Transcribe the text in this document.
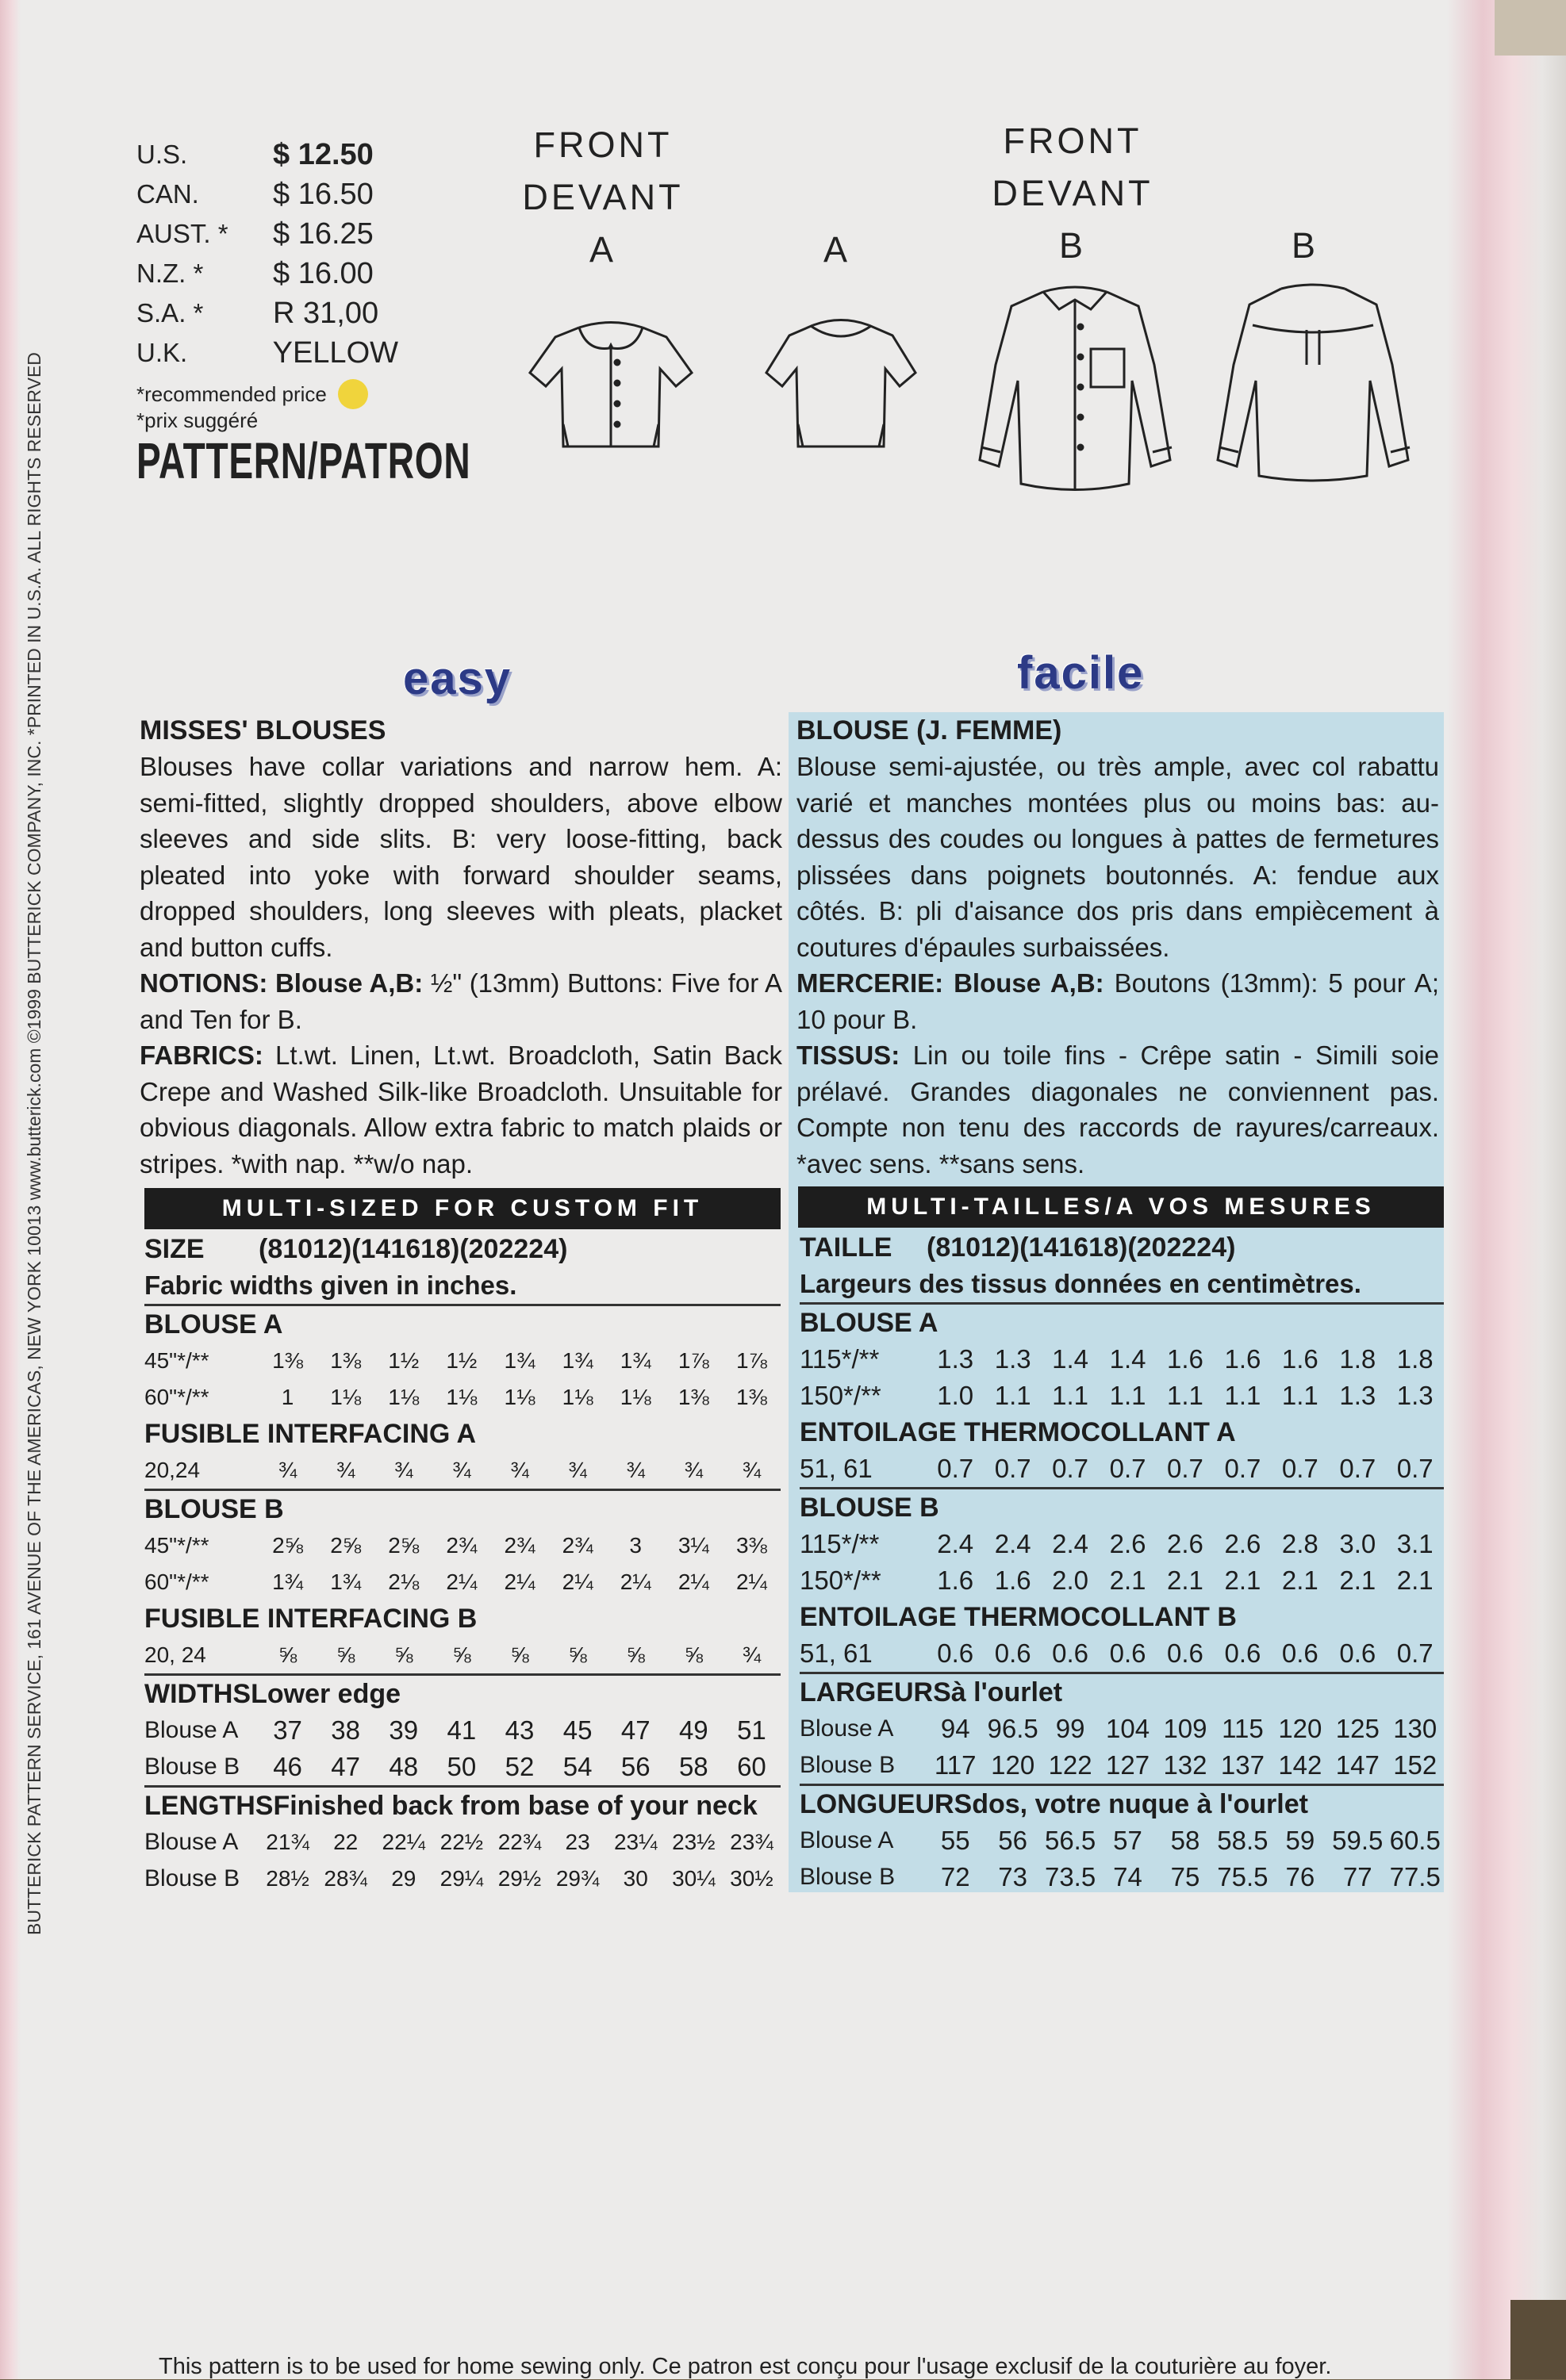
BUTTERICK PATTERN SERVICE, 161 AVENUE OF THE AMERICAS, NEW YORK 10013 www.butterick.com ©1999 BUTTERICK COMPANY, INC. *PRINTED IN U.S.A. ALL RIGHTS RESERVED
U.S.	$ 12.50
CAN.	$ 16.50
AUST. *	$ 16.25
N.Z. *	$ 16.00
S.A. *	R 31,00
U.K.	YELLOW
*recommended price
*prix suggéré
PATTERN/PATRON
FRONT
DEVANT
A

	A
FRONT
DEVANT
B

	B
easy	facile
MISSES' BLOUSES
Blouses have collar variations and narrow hem. A: semi-fitted, slightly dropped shoulders, above elbow sleeves and side slits. B: very loose-fitting, back pleated into yoke with forward shoulder seams, dropped shoulders, long sleeves with pleats, placket and button cuffs.
NOTIONS: Blouse A,B: ½" (13mm) Buttons: Five for A and Ten for B.
FABRICS: Lt.wt. Linen, Lt.wt. Broadcloth, Satin Back Crepe and Washed Silk-like Broadcloth. Unsuitable for obvious diagonals. Allow extra fabric to match plaids or stripes. *with nap. **w/o nap.
BLOUSE (J. FEMME)
Blouse semi-ajustée, ou très ample, avec col rabattu varié et manches montées plus ou moins bas: au-dessus des coudes ou longues à pattes de fermetures plissées dans poignets boutonnés. A: fendue aux côtés. B: pli d'aisance dos pris dans empiècement à coutures d'épaules surbaissées.
MERCERIE: Blouse A,B: Boutons (13mm): 5 pour A; 10 pour B.
TISSUS: Lin ou toile fins - Crêpe satin - Simili soie prélavé. Grandes diagonales ne conviennent pas. Compte non tenu des raccords de rayures/carreaux. *avec sens. **sans sens.
MULTI-SIZED FOR CUSTOM FIT	MULTI-TAILLES/A VOS MESURES
SIZE	(8 10 12) (14 16 18) (20 22 24)
Fabric widths given in inches.
BLOUSE A
45"*/**	1⅜	1⅜	1½	1½	1¾	1¾	1¾	1⅞	1⅞
60"*/**	1	1⅛	1⅛	1⅛	1⅛	1⅛	1⅛	1⅜	1⅜
FUSIBLE INTERFACING A
20,24	¾	¾	¾	¾	¾	¾	¾	¾	¾
BLOUSE B
45"*/**	2⅝	2⅝	2⅝	2¾	2¾	2¾	3	3¼	3⅜
60"*/**	1¾	1¾	2⅛	2¼	2¼	2¼	2¼	2¼	2¼
FUSIBLE INTERFACING B
20, 24	⅝	⅝	⅝	⅝	⅝	⅝	⅝	⅝	¾
WIDTHS Lower edge
Blouse A	37	38	39	41	43	45	47	49	51
Blouse B	46	47	48	50	52	54	56	58	60
LENGTHS Finished back from base of your neck
Blouse A	21¾	22	22¼ 22½ 22¾	23	23¼ 23½ 23¾
Blouse B	28½ 28¾	29	29¼ 29½ 29¾	30	30¼ 30½
TAILLE	(8 10 12) (14 16 18) (20 22 24)
Largeurs des tissus données en centimètres.
BLOUSE A
115*/**	1.3 1.3 1.4 1.4 1.6 1.6 1.6 1.8 1.8
150*/**	1.0 1.1 1.1 1.1 1.1 1.1 1.1 1.3 1.3
ENTOILAGE THERMOCOLLANT A
51, 61	0.7 0.7 0.7 0.7 0.7 0.7 0.7 0.7 0.7
BLOUSE B
115*/**	2.4 2.4 2.4 2.6 2.6 2.6 2.8 3.0 3.1
150*/**	1.6 1.6 2.0 2.1 2.1 2.1 2.1 2.1 2.1
ENTOILAGE THERMOCOLLANT B
51, 61	0.6 0.6 0.6 0.6 0.6 0.6 0.6 0.6 0.7
LARGEURS à l'ourlet
Blouse A	94 96.5 99 104 109 115 120 125 130
Blouse B	117 120 122 127 132 137 142 147 152
LONGUEURS dos, votre nuque à l'ourlet
Blouse A	55	56 56.5 57	58 58.5 59 59.5 60.5
Blouse B	72	73 73.5 74	75 75.5 76	77 77.5
This pattern is to be used for home sewing only. Ce patron est conçu pour l'usage exclusif de la couturière au foyer.
